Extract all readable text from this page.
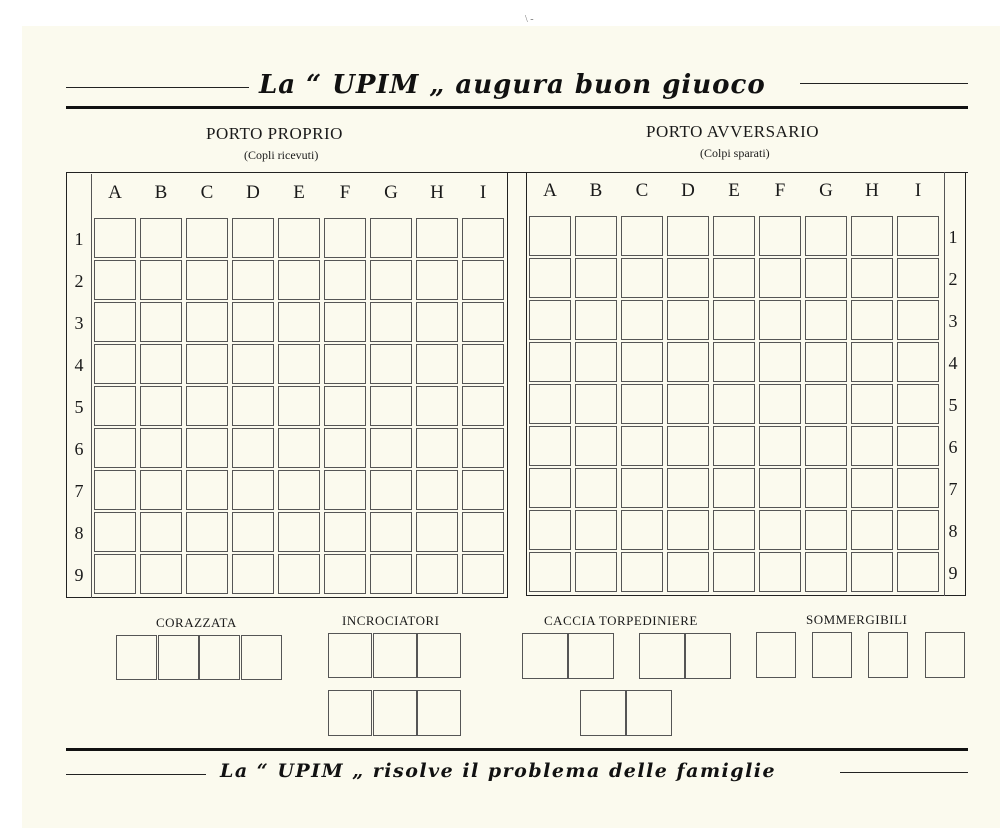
\ -
La “ UPIM „ augura buon giuoco
PORTO PROPRIO
(Copli ricevuti)
PORTO AVVERSARIO
(Colpi sparati)
A	B	C	D	E	F	G	H	I
1
2
3
4
5
6
7
8
9
A	B	C	D	E	F	G	H	I
1
2
3
4
5
6
7
8
9
CORAZZATA	INCROCIATORI	CACCIA TORPEDINIERE	SOMMERGIBILI
La “ UPIM „ risolve il problema delle famiglie
